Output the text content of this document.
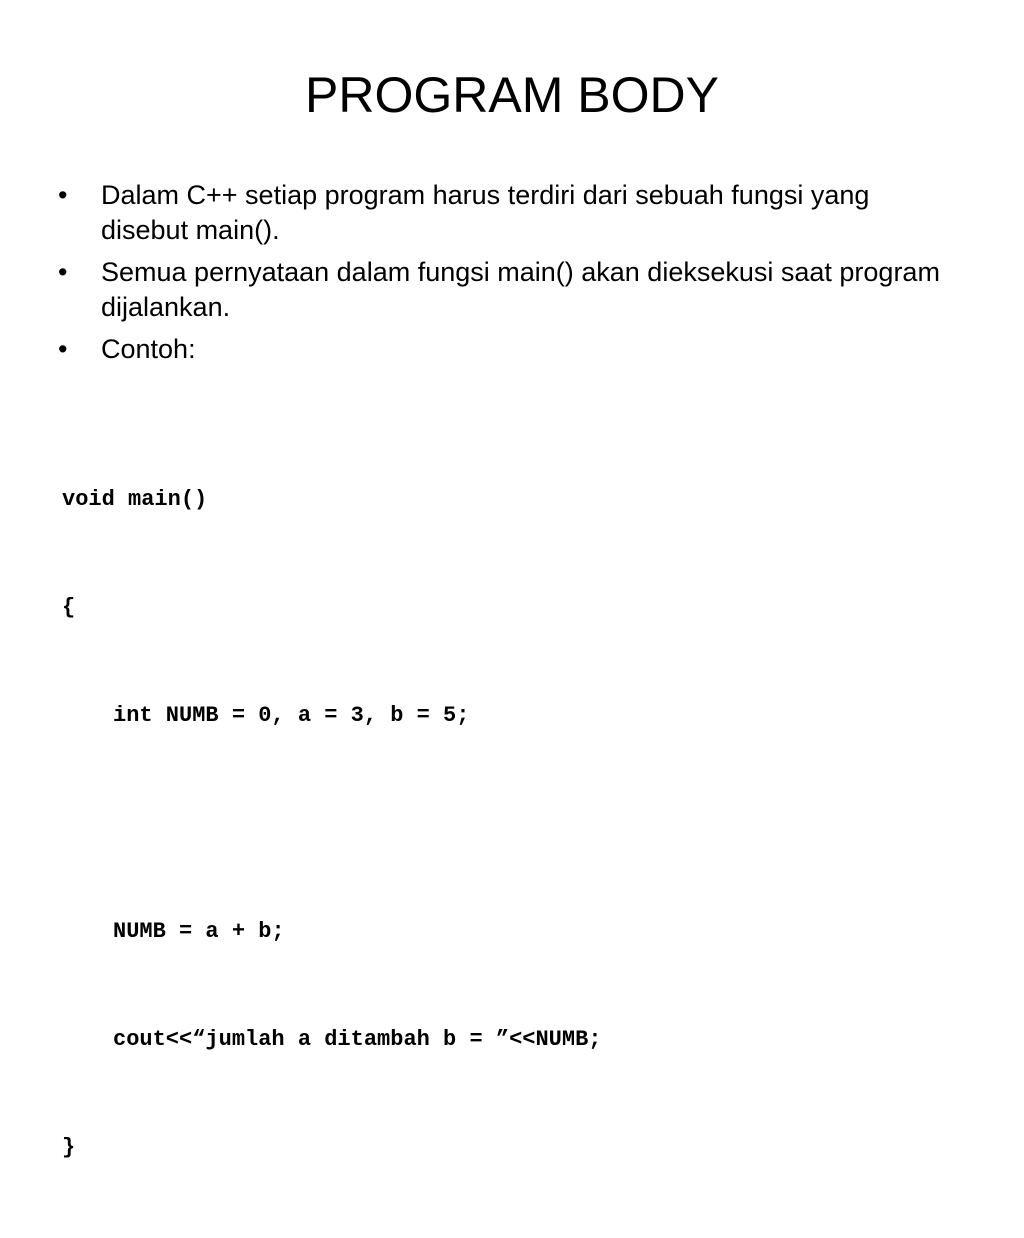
PROGRAM BODY
•	Dalam C++ setiap program harus terdiri dari sebuah fungsi yang disebut main().
•	Semua pernyataan dalam fungsi main() akan dieksekusi saat program dijalankan.
•	Contoh:

void main()

{

int NUMB = 0, a = 3, b = 5;

NUMB = a + b;

cout<<“jumlah a ditambah b = ”<<NUMB;

}
